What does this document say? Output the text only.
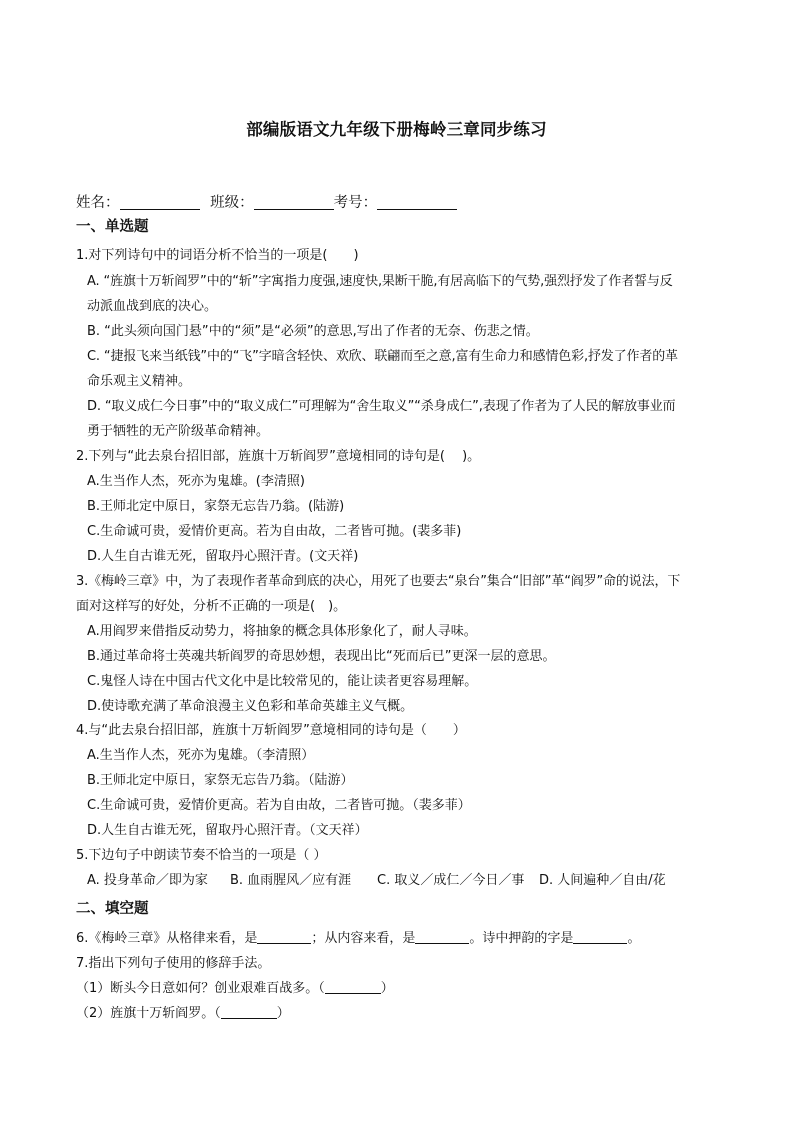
部编版语文九年级下册梅岭三章同步练习
姓名：	班级：	考号：
一、单选题
1.对下列诗句中的词语分析不恰当的一项是(　　)
A. “旌旗十万斩阎罗”中的“斩”字寓指力度强,速度快,果断干脆,有居高临下的气势,强烈抒发了作者誓与反
动派血战到底的决心。
B. “此头须向国门悬”中的“须”是“必须”的意思,写出了作者的无奈、伤悲之情。
C. “捷报飞来当纸钱”中的“飞”字暗含轻快、欢欣、联翩而至之意,富有生命力和感情色彩,抒发了作者的革
命乐观主义精神。
D. “取义成仁今日事”中的“取义成仁”可理解为“舍生取义”“杀身成仁”,表现了作者为了人民的解放事业而
勇于牺牲的无产阶级革命精神。
2.下列与“此去泉台招旧部，旌旗十万斩阎罗”意境相同的诗句是(　 )。
A.生当作人杰，死亦为鬼雄。(李清照)
B.王师北定中原日，家祭无忘告乃翁。(陆游)
C.生命诚可贵，爱情价更高。若为自由故，二者皆可抛。(裴多菲)
D.人生自古谁无死，留取丹心照汗青。(文天祥)
3.《梅岭三章》中，为了表现作者革命到底的决心，用死了也要去“泉台”集合“旧部”革“阎罗”命的说法，下
面对这样写的好处，分析不正确的一项是(　)。
A.用阎罗来借指反动势力，将抽象的概念具体形象化了，耐人寻味。
B.通过革命将士英魂共斩阎罗的奇思妙想，表现出比“死而后已”更深一层的意思。
C.鬼怪人诗在中国古代文化中是比较常见的，能让读者更容易理解。
D.使诗歌充满了革命浪漫主义色彩和革命英雄主义气概。
4.与“此去泉台招旧部，旌旗十万斩阎罗”意境相同的诗句是（　　）
A.生当作人杰，死亦为鬼雄。（李清照）
B.王师北定中原日，家祭无忘告乃翁。（陆游）
C.生命诚可贵，爱情价更高。若为自由故，二者皆可抛。（裴多菲）
D.人生自古谁无死，留取丹心照汗青。（文天祥）
5.下边句子中朗读节奏不恰当的一项是（ ）
A. 投身革命／即为家 B. 血雨腥风／应有涯 C. 取义／成仁／今日／事 D. 人间遍种／自由/花
二、填空题
6.《梅岭三章》从格律来看，是	；从内容来看，是	。诗中押韵的字是	。
7.指出下列句子使用的修辞手法。
（1）断头今日意如何？创业艰难百战多。（	）
（2）旌旗十万斩阎罗。（	）
